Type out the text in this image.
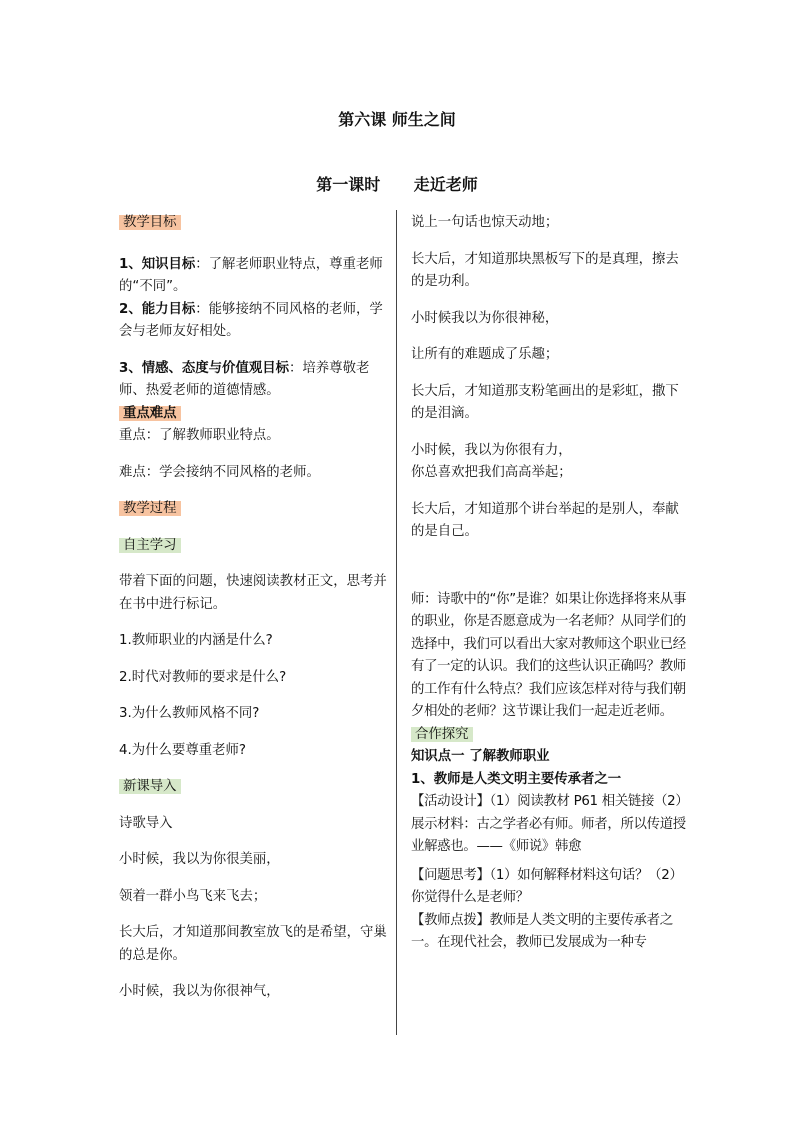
第六课 师生之间
第一课时      走近老师

教学目标

1、知识目标：了解老师职业特点，尊重老师的“不同”。

2、能力目标：能够接纳不同风格的老师，学会与老师友好相处。

3、情感、态度与价值观目标：培养尊敬老师、热爱老师的道德情感。

重点难点

重点：了解教师职业特点。

难点：学会接纳不同风格的老师。

教学过程

自主学习

带着下面的问题，快速阅读教材正文，思考并在书中进行标记。

1.教师职业的内涵是什么?

2.时代对教师的要求是什么?

3.为什么教师风格不同?

4.为什么要尊重老师?

新课导入

诗歌导入

小时候，我以为你很美丽，

领着一群小鸟飞来飞去；

长大后，才知道那间教室放飞的是希望，守巢的总是你。

小时候，我以为你很神气，

说上一句话也惊天动地；

长大后，才知道那块黑板写下的是真理，擦去的是功利。

小时候我以为你很神秘，

让所有的难题成了乐趣；

长大后，才知道那支粉笔画出的是彩虹，撒下的是泪滴。

小时候，我以为你很有力，

你总喜欢把我们高高举起；

长大后，才知道那个讲台举起的是别人，奉献的是自己。

师：诗歌中的“你”是谁？如果让你选择将来从事的职业，你是否愿意成为一名老师？从同学们的选择中，我们可以看出大家对教师这个职业已经有了一定的认识。我们的这些认识正确吗？教师的工作有什么特点？我们应该怎样对待与我们朝夕相处的老师？这节课让我们一起走近老师。

合作探究

知识点一 了解教师职业

1、教师是人类文明主要传承者之一

【活动设计】（1）阅读教材 P61 相关链接（2）展示材料：古之学者必有师。师者，所以传道授业解惑也。——《师说》韩愈

【问题思考】（1）如何解释材料这句话？（2）你觉得什么是老师？

【教师点拨】教师是人类文明的主要传承者之一。在现代社会，教师已发展成为一种专
